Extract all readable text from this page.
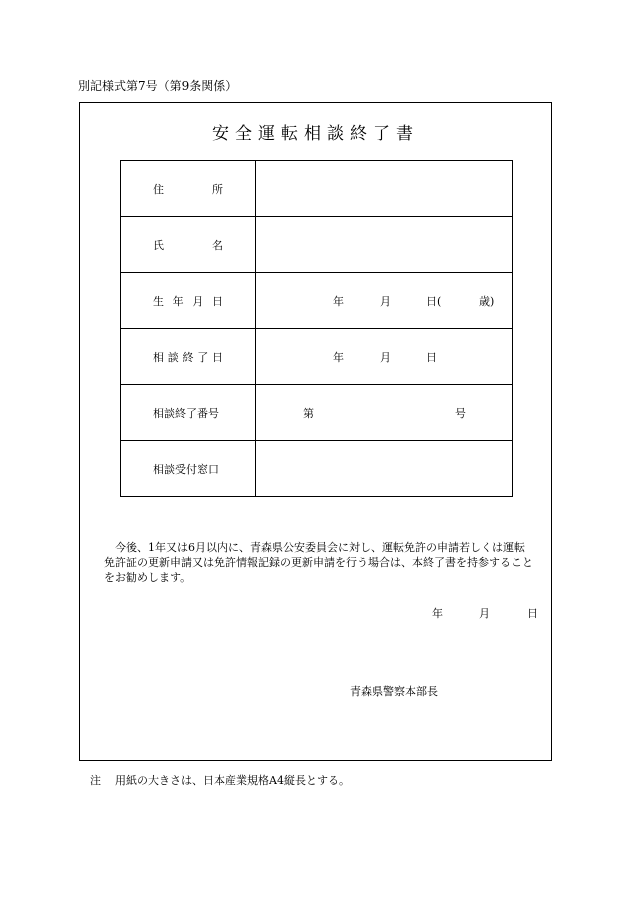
別記様式第7号（第9条関係）
安全運転相談終了書
住所	

氏名	

生年月日	年 月 日( 歳)

相談終了日	年 月 日

相談終了番号	第 号

相談受付窓口	

今後、1年又は6月以内に、青森県公安委員会に対し、運転免許の申請若しくは運転免許証の更新申請又は免許情報記録の更新申請を行う場合は、本終了書を持参することをお勧めします。

年	月	日
青森県警察本部長
注 用紙の大きさは、日本産業規格A4縦長とする。
